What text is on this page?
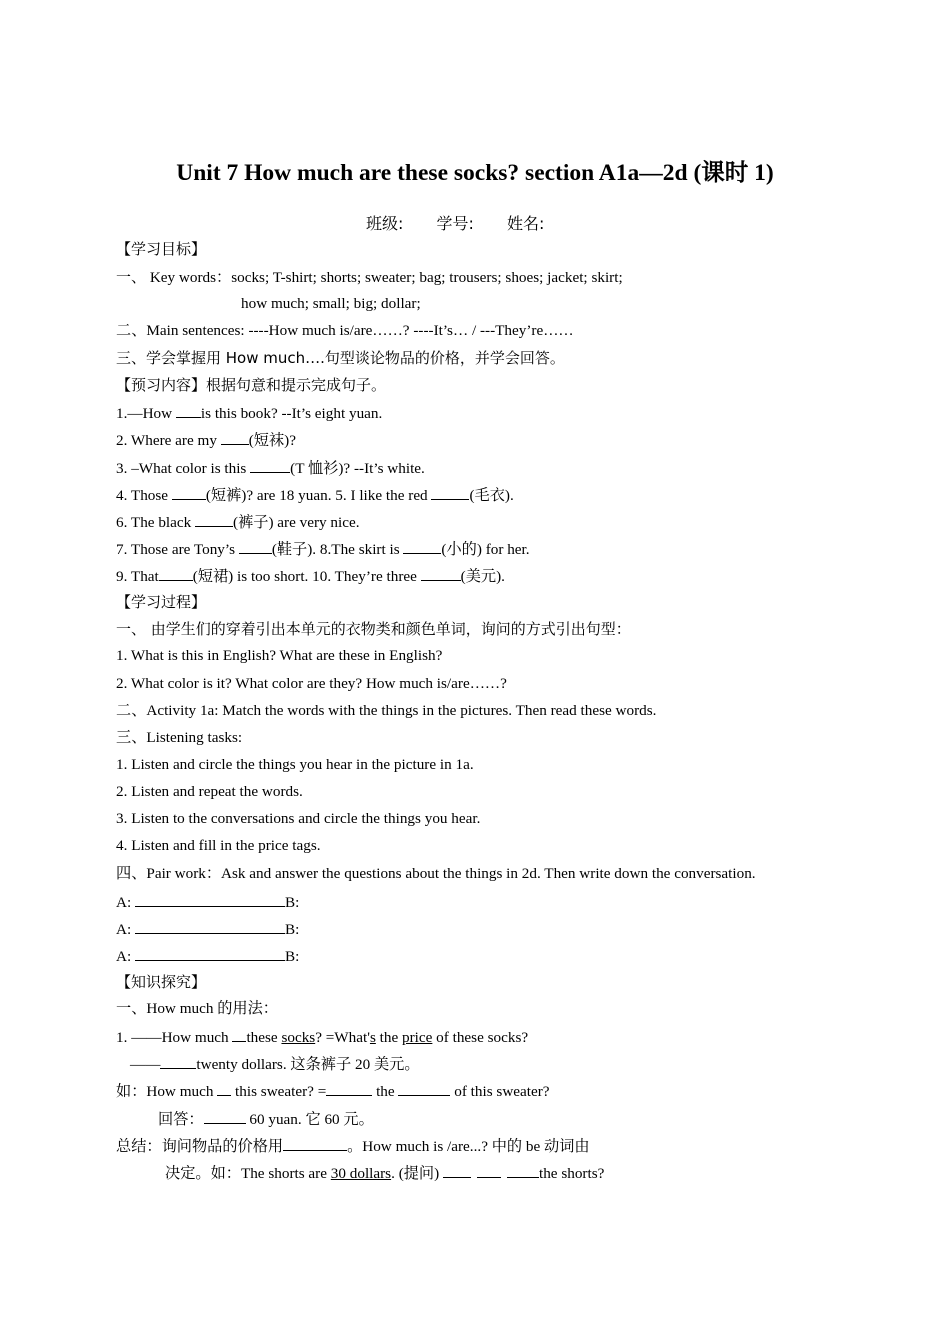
Unit 7 How much are these socks? section A1a—2d (课时 1)
班级: 学号: 姓名:
【学习目标】
一、 Key words：socks; T-shirt; shorts; sweater; bag; trousers; shoes; jacket; skirt;
how much; small; big; dollar;
二、Main sentences: ----How much is/are……? ----It’s… / ---They’re……
三、学会掌握用 How much….句型谈论物品的价格，并学会回答。
【预习内容】根据句意和提示完成句子。
1.—How is this book? --It’s eight yuan.
2. Where are my (短袜)?
3. –What color is this	(T 恤衫)? --It’s white.
4. Those (短裤)? are 18 yuan. 5. I like the red	(毛衣).
6. The black	(裤子) are very nice.
7. Those are Tony’s (鞋子). 8.The skirt is	(小的) for her.
9. That (短裙) is too short. 10. They’re three	(美元).
【学习过程】
一、 由学生们的穿着引出本单元的衣物类和颜色单词，询问的方式引出句型：
1. What is this in English? What are these in English?
2. What color is it? What color are they? How much is/are……?
二、Activity 1a: Match the words with the things in the pictures. Then read these words.
三、Listening tasks:
1. Listen and circle the things you hear in the picture in 1a.
2. Listen and repeat the words.
3. Listen to the conversations and circle the things you hear.
4. Listen and fill in the price tags.
四、Pair work：Ask and answer the questions about the things in 2d. Then write down the conversation.
A:	B:
A:	B:
A:	B:
【知识探究】
一、How much 的用法：
1. ——How much these socks? =What's the price of these socks?
—— twenty dollars. 这条裤子 20 美元。
如：How much  this sweater? =	the	of this sweater?
回答：	60 yuan. 它 60 元。
总结：询问物品的价格用	。How much is /are...? 中的 be 动词由
决定。如：The shorts are 30 dollars. (提问)	the shorts?
